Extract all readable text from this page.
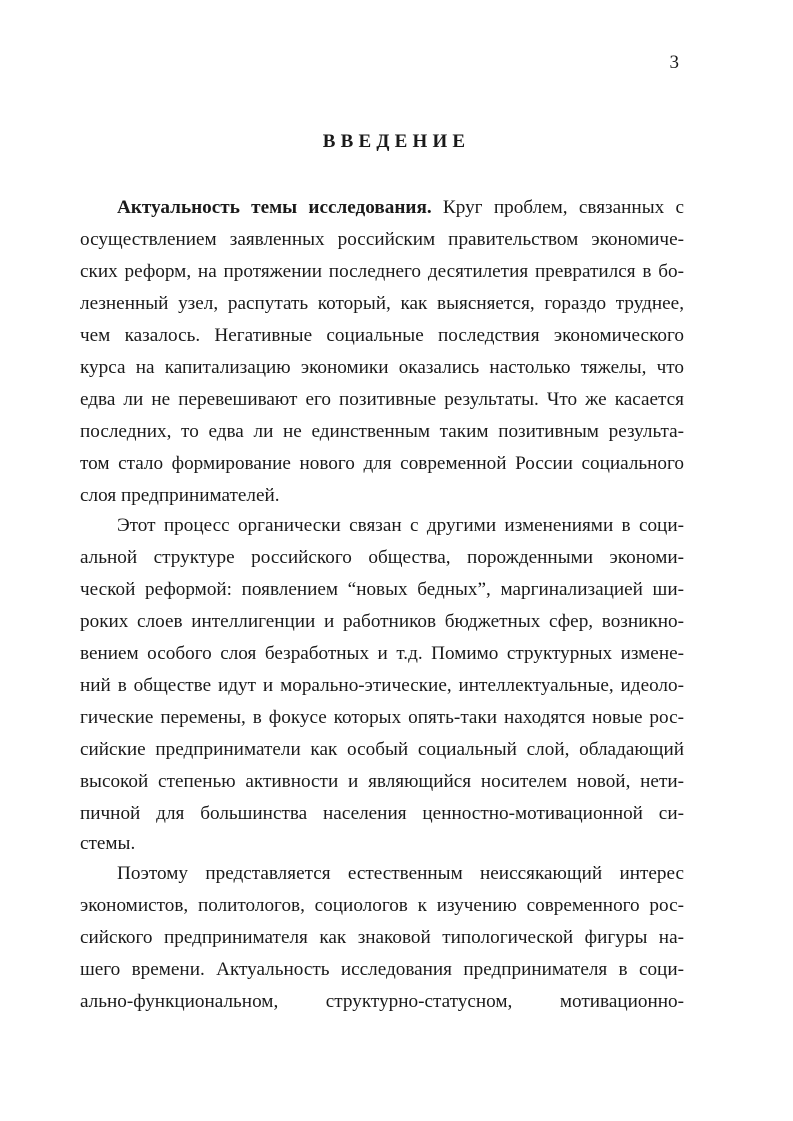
3
ВВЕДЕНИЕ
Актуальность темы исследования. Круг проблем, связанных с
осуществлением заявленных российским правительством экономиче-
ских реформ, на протяжении последнего десятилетия превратился в бо-
лезненный узел, распутать который, как выясняется, гораздо труднее,
чем казалось. Негативные социальные последствия экономического
курса на капитализацию экономики оказались настолько тяжелы, что
едва ли не перевешивают его позитивные результаты. Что же касается
последних, то едва ли не единственным таким позитивным результа-
том стало формирование нового для современной России социального
слоя предпринимателей.
Этот процесс органически связан с другими изменениями в соци-
альной структуре российского общества, порожденными экономи-
ческой реформой: появлением “новых бедных”, маргинализацией ши-
роких слоев интеллигенции и работников бюджетных сфер, возникно-
вением особого слоя безработных и т.д. Помимо структурных измене-
ний в обществе идут и морально-этические, интеллектуальные, идеоло-
гические перемены, в фокусе которых опять-таки находятся новые рос-
сийские предприниматели как особый социальный слой, обладающий
высокой степенью активности и являющийся носителем новой, нети-
пичной для большинства населения ценностно-мотивационной си-
стемы.
Поэтому представляется естественным неиссякающий интерес
экономистов, политологов, социологов к изучению современного рос-
сийского предпринимателя как знаковой типологической фигуры на-
шего времени. Актуальность исследования предпринимателя в соци-
ально-функциональном, структурно-статусном, мотивационно-
